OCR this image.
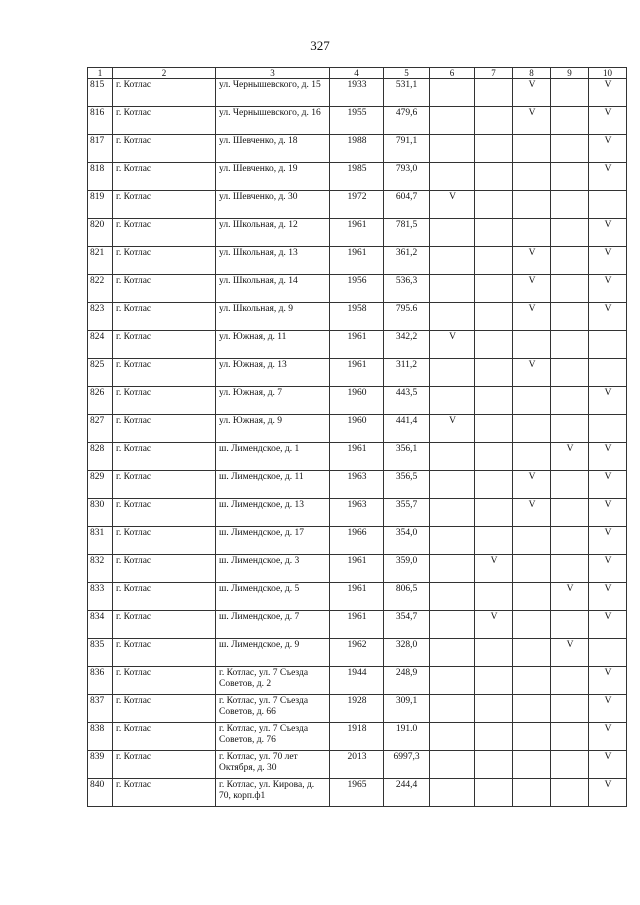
327
1	2	3	4	5	6	7	8	9	10
815	г. Котлас	ул. Чернышевского, д. 15	1933	531,1			V		V
816	г. Котлас	ул. Чернышевского, д. 16	1955	479,6			V		V
817	г. Котлас	ул. Шевченко, д. 18	1988	791,1					V
818	г. Котлас	ул. Шевченко, д. 19	1985	793,0					V
819	г. Котлас	ул. Шевченко, д. 30	1972	604,7	V				
820	г. Котлас	ул. Школьная, д. 12	1961	781,5					V
821	г. Котлас	ул. Школьная, д. 13	1961	361,2			V		V
822	г. Котлас	ул. Школьная, д. 14	1956	536,3			V		V
823	г. Котлас	ул. Школьная, д. 9	1958	795.6			V		V
824	г. Котлас	ул. Южная, д. 11	1961	342,2	V				
825	г. Котлас	ул. Южная, д. 13	1961	311,2			V		
826	г. Котлас	ул. Южная, д. 7	1960	443,5					V
827	г. Котлас	ул. Южная, д. 9	1960	441,4	V				
828	г. Котлас	ш. Лимендское, д. 1	1961	356,1				V	V
829	г. Котлас	ш. Лимендское, д. 11	1963	356,5			V		V
830	г. Котлас	ш. Лимендское, д. 13	1963	355,7			V		V
831	г. Котлас	ш. Лимендское, д. 17	1966	354,0					V
832	г. Котлас	ш. Лимендское, д. 3	1961	359,0		V			V
833	г. Котлас	ш. Лимендское, д. 5	1961	806,5				V	V
834	г. Котлас	ш. Лимендское, д. 7	1961	354,7		V			V
835	г. Котлас	ш. Лимендское, д. 9	1962	328,0				V	
836	г. Котлас	г. Котлас, ул. 7 Съезда Советов, д. 2	1944	248,9					V
837	г. Котлас	г. Котлас, ул. 7 Съезда Советов, д. 66	1928	309,1					V
838	г. Котлас	г. Котлас, ул. 7 Съезда Советов, д. 76	1918	191.0					V
839	г. Котлас	г. Котлас, ул. 70 лет Октября, д. 30	2013	6997,3					V
840	г. Котлас	г. Котлас, ул. Кирова, д. 70, корп.ф1	1965	244,4					V
